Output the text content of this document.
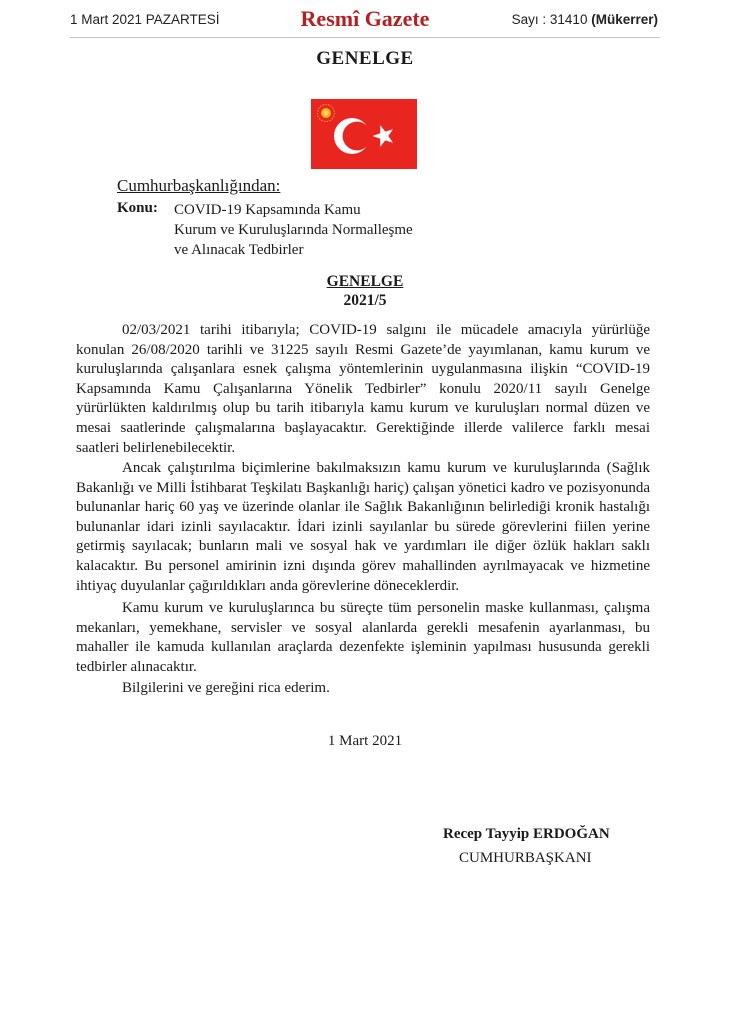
1 Mart 2021 PAZARTESİ	Resmî Gazete	Sayı : 31410 (Mükerrer)
GENELGE
Cumhurbaşkanlığından:
Konu: COVID-19 Kapsamında Kamu
Kurum ve Kuruluşlarında Normalleşme
ve Alınacak Tedbirler
GENELGE
2021/5

02/03/2021 tarihi itibarıyla; COVID-19 salgını ile mücadele amacıyla yürürlüğe konulan 26/08/2020 tarihli ve 31225 sayılı Resmi Gazete’de yayımlanan, kamu kurum ve kuruluşlarında çalışanlara esnek çalışma yöntemlerinin uygulanmasına ilişkin “COVID-19 Kapsamında Kamu Çalışanlarına Yönelik Tedbirler” konulu 2020/11 sayılı Genelge yürürlükten kaldırılmış olup bu tarih itibarıyla kamu kurum ve kuruluşları normal düzen ve mesai saatlerinde çalışmalarına başlayacaktır. Gerektiğinde illerde valilerce farklı mesai saatleri belirlenebilecektir.

Ancak çalıştırılma biçimlerine bakılmaksızın kamu kurum ve kuruluşlarında (Sağlık Bakanlığı ve Milli İstihbarat Teşkilatı Başkanlığı hariç) çalışan yönetici kadro ve pozisyonunda bulunanlar hariç 60 yaş ve üzerinde olanlar ile Sağlık Bakanlığının belirlediği kronik hastalığı bulunanlar idari izinli sayılacaktır. İdari izinli sayılanlar bu sürede görevlerini fiilen yerine getirmiş sayılacak; bunların mali ve sosyal hak ve yardımları ile diğer özlük hakları saklı kalacaktır. Bu personel amirinin izni dışında görev mahallinden ayrılmayacak ve hizmetine ihtiyaç duyulanlar çağırıldıkları anda görevlerine döneceklerdir.

Kamu kurum ve kuruluşlarınca bu süreçte tüm personelin maske kullanması, çalışma mekanları, yemekhane, servisler ve sosyal alanlarda gerekli mesafenin ayarlanması, bu mahaller ile kamuda kullanılan araçlarda dezenfekte işleminin yapılması hususunda gerekli tedbirler alınacaktır.

Bilgilerini ve gereğini rica ederim.

1 Mart 2021
Recep Tayyip ERDOĞAN
CUMHURBAŞKANI
